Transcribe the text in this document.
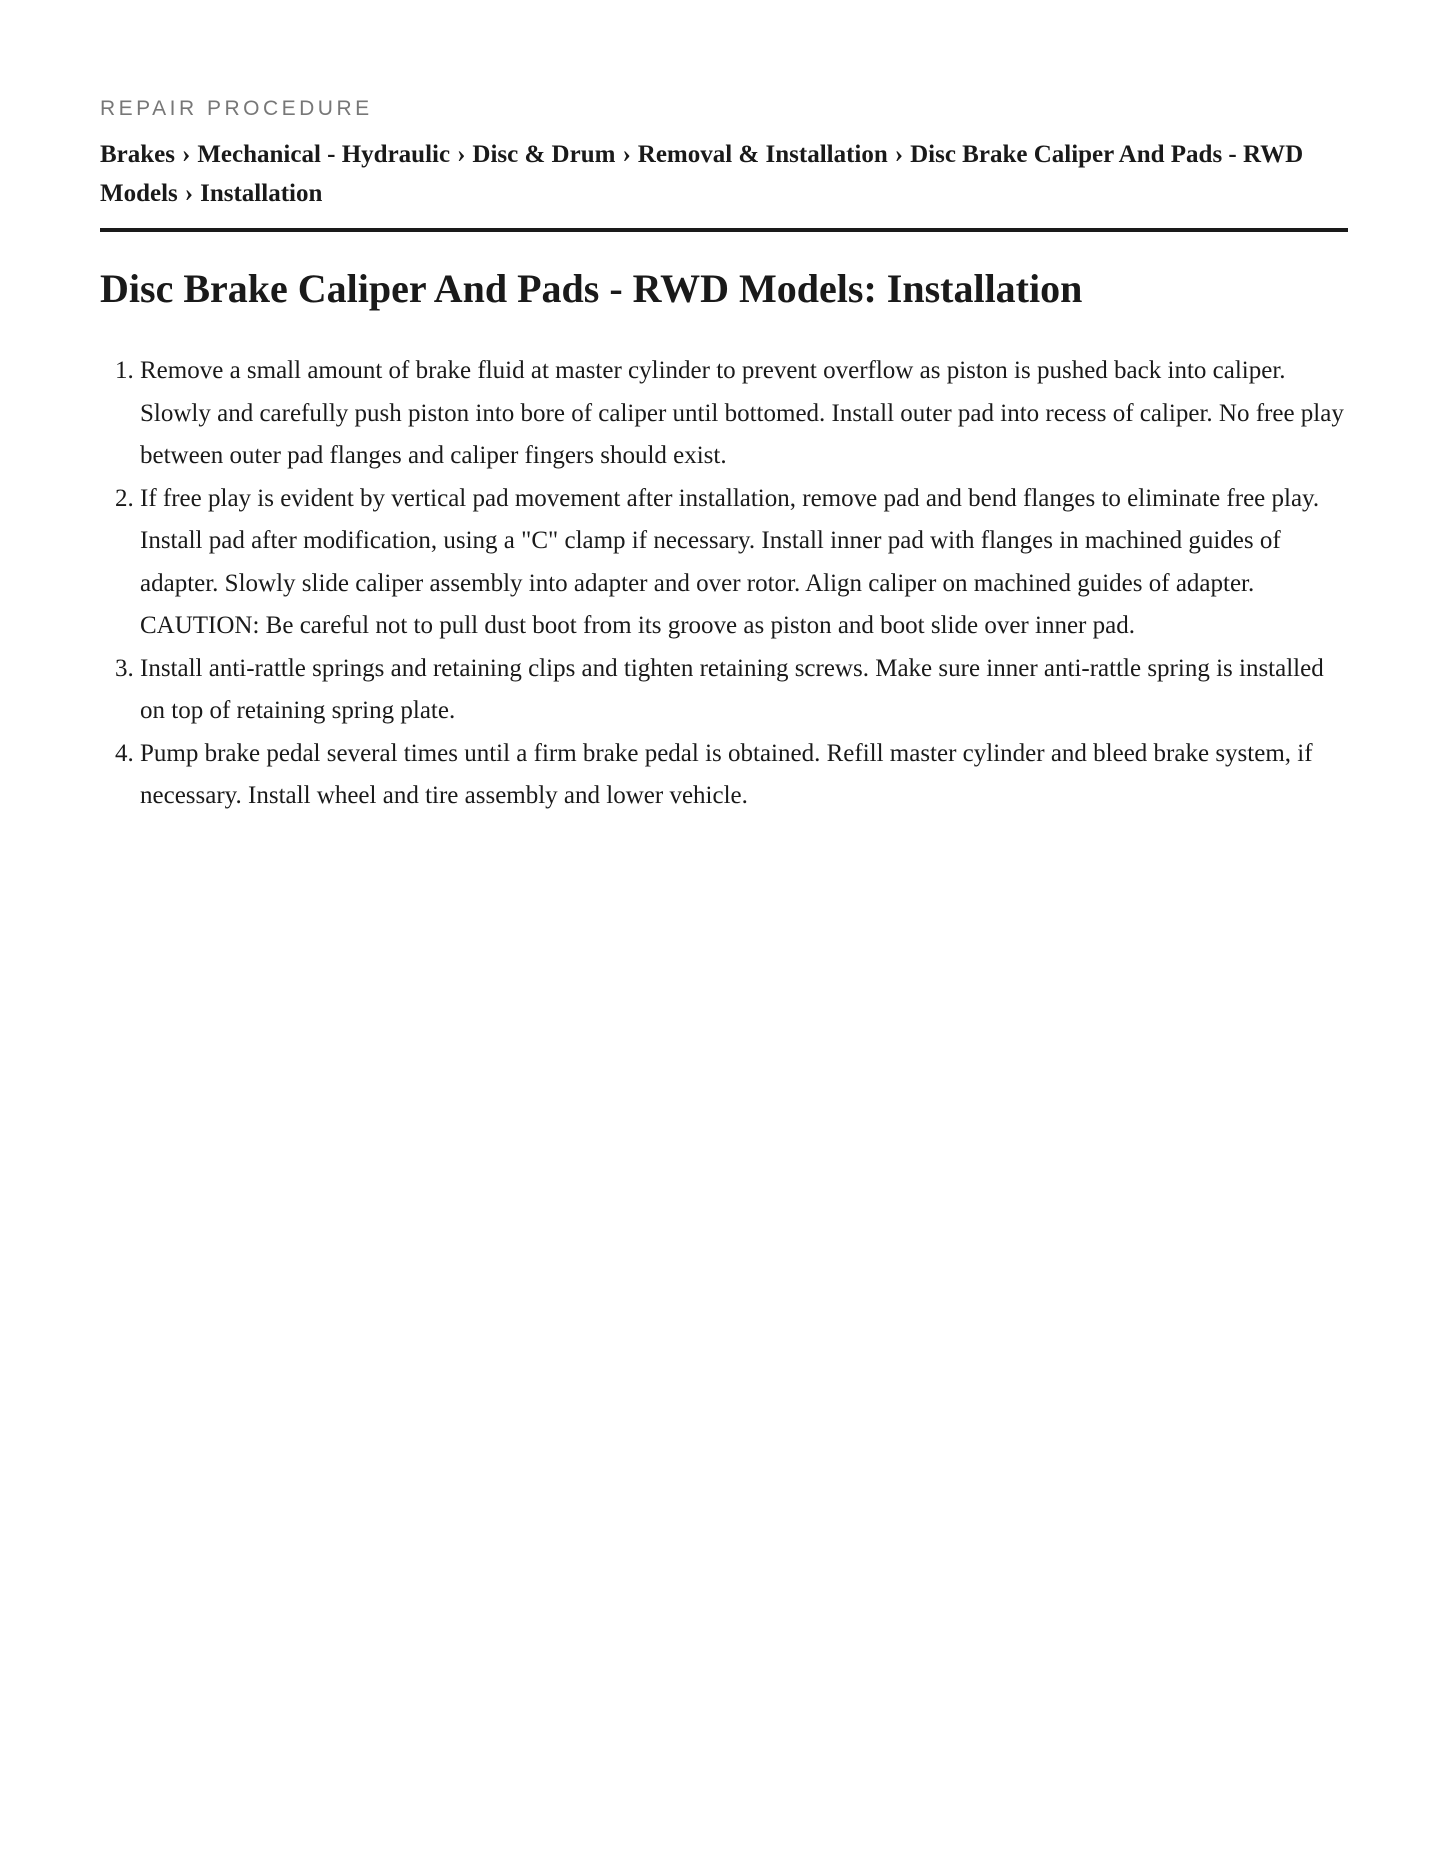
REPAIR PROCEDURE
Brakes › Mechanical - Hydraulic › Disc & Drum › Removal & Installation › Disc Brake Caliper And Pads - RWD Models › Installation
Disc Brake Caliper And Pads - RWD Models: Installation

1. Remove a small amount of brake fluid at master cylinder to prevent overflow as piston is pushed back into caliper. Slowly and carefully push piston into bore of caliper until bottomed. Install outer pad into recess of caliper. No free play between outer pad flanges and caliper fingers should exist.

2. If free play is evident by vertical pad movement after installation, remove pad and bend flanges to eliminate free play. Install pad after modification, using a "C" clamp if necessary. Install inner pad with flanges in machined guides of adapter. Slowly slide caliper assembly into adapter and over rotor. Align caliper on machined guides of adapter.

CAUTION: Be careful not to pull dust boot from its groove as piston and boot slide over inner pad.

3. Install anti-rattle springs and retaining clips and tighten retaining screws. Make sure inner anti-rattle spring is installed on top of retaining spring plate.

4. Pump brake pedal several times until a firm brake pedal is obtained. Refill master cylinder and bleed brake system, if necessary. Install wheel and tire assembly and lower vehicle.
